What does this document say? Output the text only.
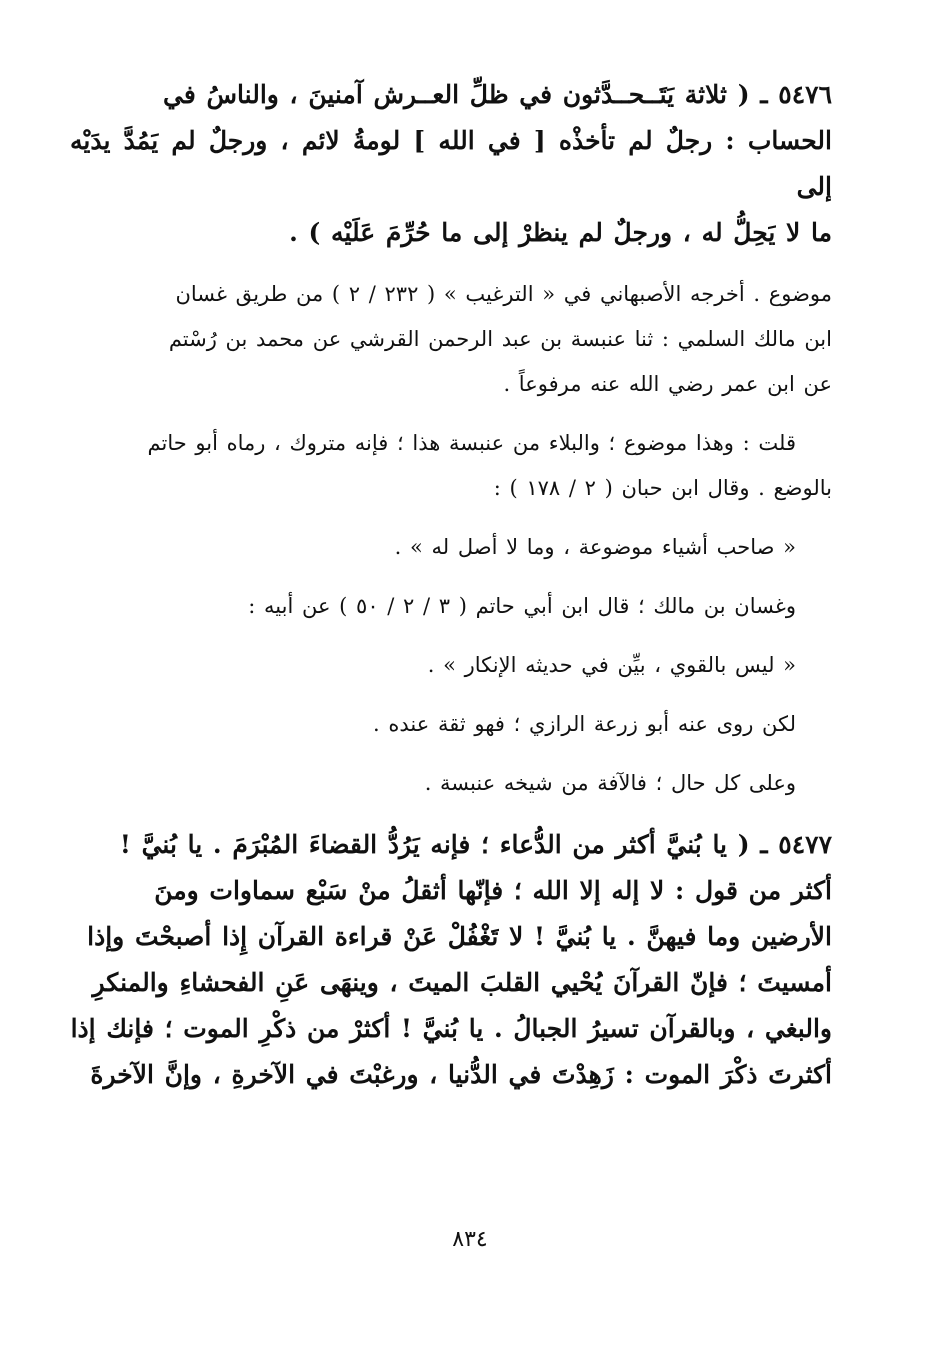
٥٤٧٦ ـ ( ثلاثة يَتَــحــدَّثون في ظلِّ العــرش آمنينَ ، والناسُ في

الحساب : رجلٌ لم تأخذْه [ في الله ] لومةُ لائم ، ورجلٌ لم يَمُدَّ يدَيْه إلى

ما لا يَحِلُّ له ، ورجلٌ لم ينظرْ إلى ما حُرِّمَ عَلَيْه ) .

موضوع . أخرجه الأصبهاني في « الترغيب » ( ٢٣٢ / ٢ ) من طريق غسان

ابن مالك السلمي : ثنا عنبسة بن عبد الرحمن القرشي عن محمد بن رُسْتم

عن ابن عمر رضي الله عنه مرفوعاً .

قلت : وهذا موضوع ؛ والبلاء من عنبسة هذا ؛ فإنه متروك ، رماه أبو حاتم

بالوضع . وقال ابن حبان ( ٢ / ١٧٨ ) :

« صاحب أشياء موضوعة ، وما لا أصل له » .

وغسان بن مالك ؛ قال ابن أبي حاتم ( ٣ / ٢ / ٥٠ ) عن أبيه :

« ليس بالقوي ، بيِّن في حديثه الإنكار » .

لكن روى عنه أبو زرعة الرازي ؛ فهو ثقة عنده .

وعلى كل حال ؛ فالآفة من شيخه عنبسة .

٥٤٧٧ ـ ( يا بُنيَّ أكثر من الدُّعاء ؛ فإنه يَرُدُّ القضاءَ المُبْرَمَ . يا بُنيَّ !

أكثر من قول : لا إله إلا الله ؛ فإنّها أثقلُ منْ سَبْع سماوات ومنَ

الأرضين وما فيهنَّ . يا بُنيَّ ! لا تَغْفُلْ عَنْ قراءة القرآن إِذا أصبحْتَ وإذا

أمسيتَ ؛ فإنّ القرآنَ يُحْيي القلبَ الميتَ ، وينهَى عَنِ الفحشاءِ والمنكرِ

والبغي ، وبالقرآن تسيرُ الجبالُ . يا بُنيَّ ! أكثرْ من ذكْرِ الموت ؛ فإنك إذا

أكثرتَ ذكْرَ الموت : زَهِدْتَ في الدُّنيا ، ورغبْتَ في الآخرةِ ، وإنَّ الآخرةَ

٨٣٤
